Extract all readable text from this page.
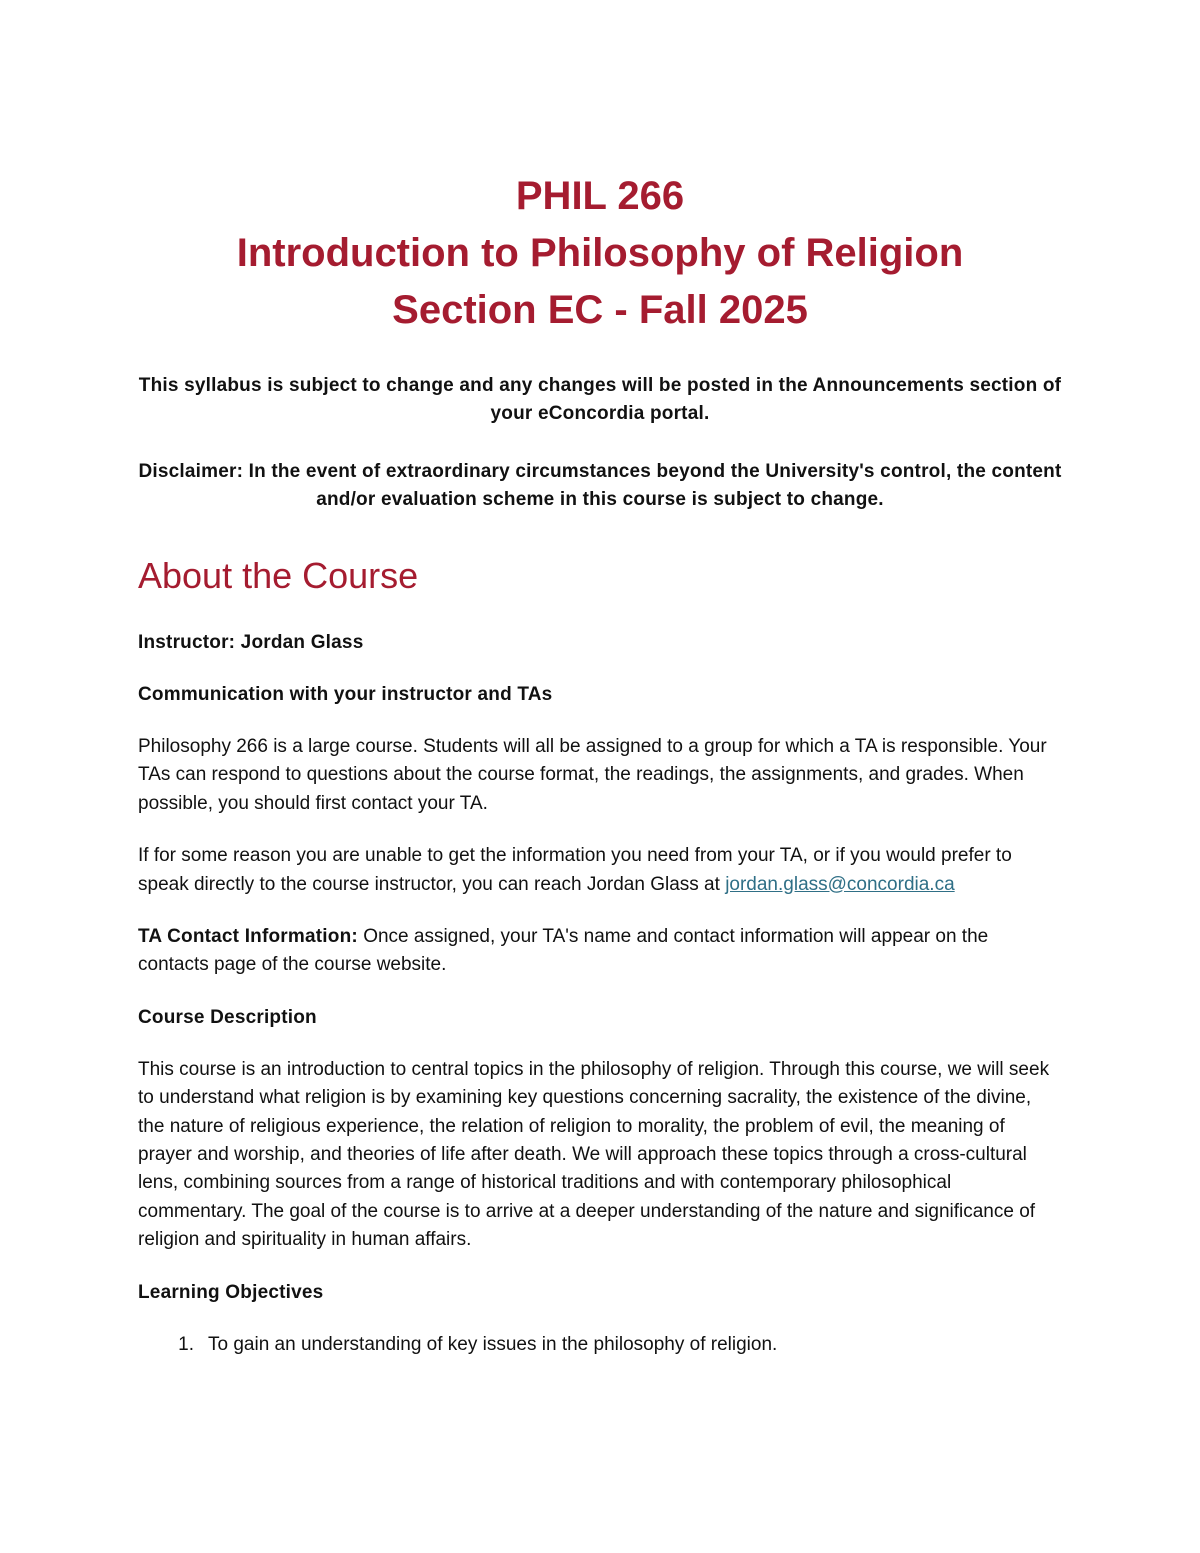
PHIL 266
Introduction to Philosophy of Religion
Section EC - Fall 2025

This syllabus is subject to change and any changes will be posted in the Announcements section of your eConcordia portal.

Disclaimer: In the event of extraordinary circumstances beyond the University's control, the content and/or evaluation scheme in this course is subject to change.

About the Course

Instructor: Jordan Glass

Communication with your instructor and TAs

Philosophy 266 is a large course. Students will all be assigned to a group for which a TA is responsible. Your TAs can respond to questions about the course format, the readings, the assignments, and grades. When possible, you should first contact your TA.

If for some reason you are unable to get the information you need from your TA, or if you would prefer to speak directly to the course instructor, you can reach Jordan Glass at jordan.glass@concordia.ca

TA Contact Information: Once assigned, your TA's name and contact information will appear on the contacts page of the course website.

Course Description

This course is an introduction to central topics in the philosophy of religion. Through this course, we will seek to understand what religion is by examining key questions concerning sacrality, the existence of the divine, the nature of religious experience, the relation of religion to morality, the problem of evil, the meaning of prayer and worship, and theories of life after death. We will approach these topics through a cross-cultural lens, combining sources from a range of historical traditions and with contemporary philosophical commentary. The goal of the course is to arrive at a deeper understanding of the nature and significance of religion and spirituality in human affairs.

Learning Objectives

1. To gain an understanding of key issues in the philosophy of religion.
